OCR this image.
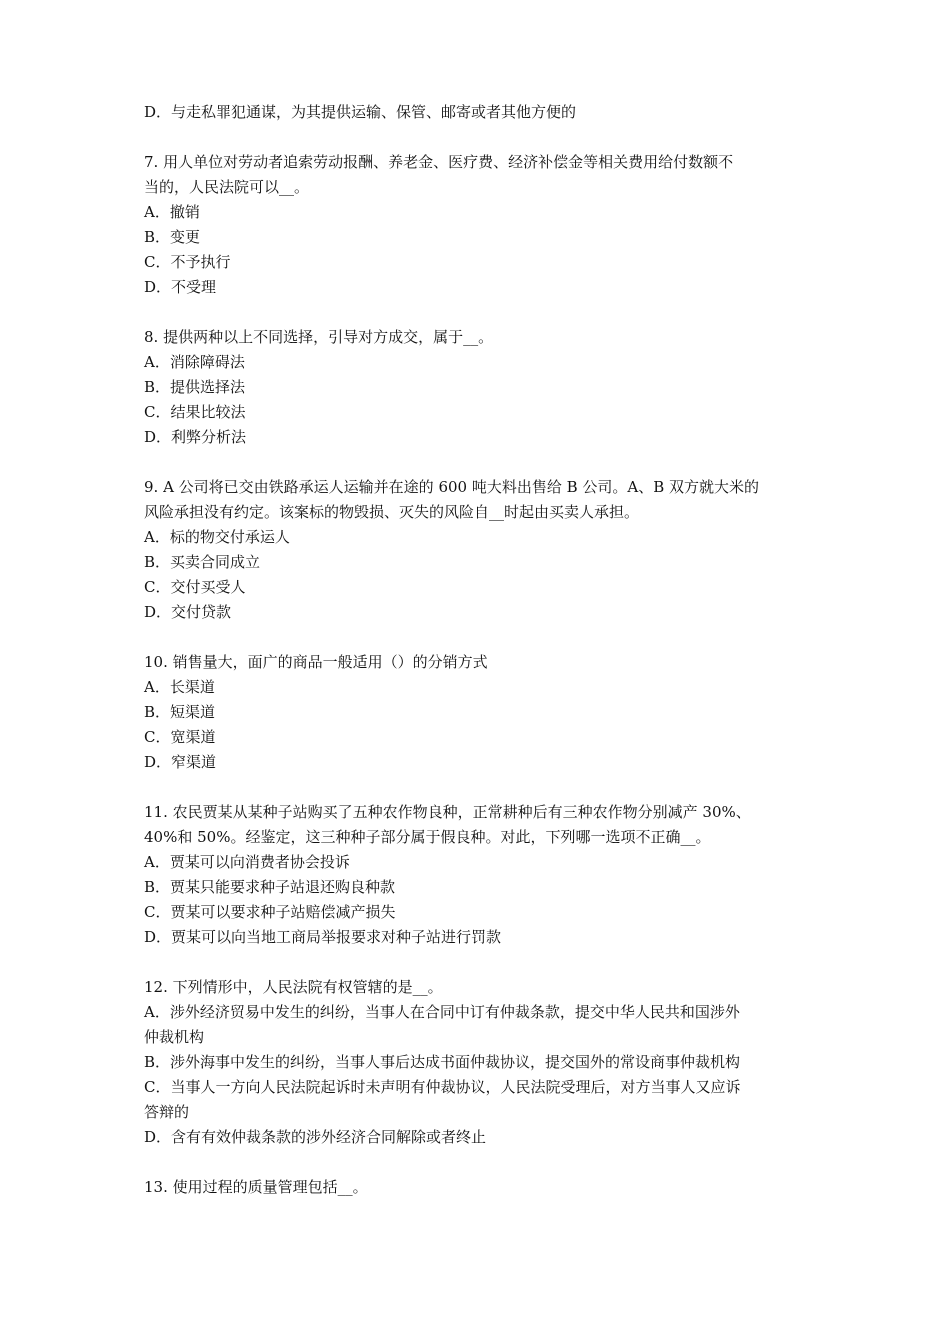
D．与走私罪犯通谋，为其提供运输、保管、邮寄或者其他方便的
7. 用人单位对劳动者追索劳动报酬、养老金、医疗费、经济补偿金等相关费用给付数额不
当的，人民法院可以__。
A．撤销
B．变更
C．不予执行
D．不受理
8. 提供两种以上不同选择，引导对方成交，属于__。
A．消除障碍法
B．提供选择法
C．结果比较法
D．利弊分析法
9. A 公司将已交由铁路承运人运输并在途的 600 吨大料出售给 B 公司。A、B 双方就大米的
风险承担没有约定。该案标的物毁损、灭失的风险自__时起由买卖人承担。
A．标的物交付承运人
B．买卖合同成立
C．交付买受人
D．交付贷款
10. 销售量大，面广的商品一般适用（）的分销方式
A．长渠道
B．短渠道
C．宽渠道
D．窄渠道
11. 农民贾某从某种子站购买了五种农作物良种，正常耕种后有三种农作物分别减产 30%、
40%和 50%。经鉴定，这三种种子部分属于假良种。对此，下列哪一选项不正确__。
A．贾某可以向消费者协会投诉
B．贾某只能要求种子站退还购良种款
C．贾某可以要求种子站赔偿减产损失
D．贾某可以向当地工商局举报要求对种子站进行罚款
12. 下列情形中，人民法院有权管辖的是__。
A．涉外经济贸易中发生的纠纷，当事人在合同中订有仲裁条款，提交中华人民共和国涉外
仲裁机构
B．涉外海事中发生的纠纷，当事人事后达成书面仲裁协议，提交国外的常设商事仲裁机构
C．当事人一方向人民法院起诉时未声明有仲裁协议，人民法院受理后，对方当事人又应诉
答辩的
D．含有有效仲裁条款的涉外经济合同解除或者终止
13. 使用过程的质量管理包括__。
